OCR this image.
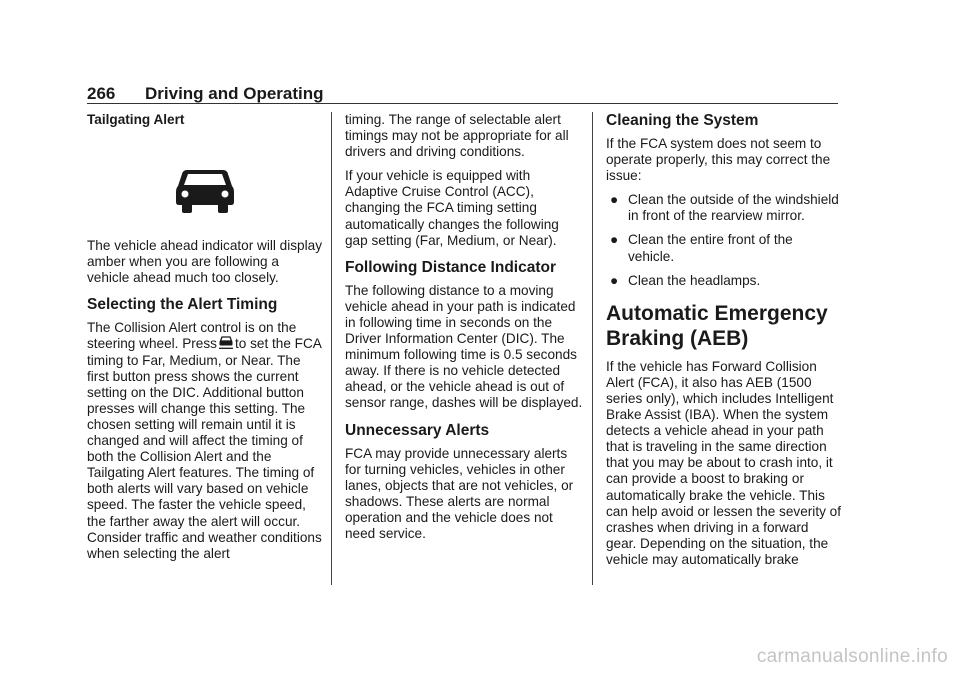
266 Driving and Operating
Tailgating Alert

The vehicle ahead indicator will display amber when you are following a vehicle ahead much too closely.

Selecting the Alert Timing

The Collision Alert control is on the steering wheel. Press to set the FCA timing to Far, Medium, or Near. The first button press shows the current setting on the DIC. Additional button presses will change this setting. The chosen setting will remain until it is changed and will affect the timing of both the Collision Alert and the Tailgating Alert features. The timing of both alerts will vary based on vehicle speed. The faster the vehicle speed, the farther away the alert will occur. Consider traffic and weather conditions when selecting the alert

timing. The range of selectable alert timings may not be appropriate for all drivers and driving conditions.

If your vehicle is equipped with Adaptive Cruise Control (ACC), changing the FCA timing setting automatically changes the following gap setting (Far, Medium, or Near).

Following Distance Indicator

The following distance to a moving vehicle ahead in your path is indicated in following time in seconds on the Driver Information Center (DIC). The minimum following time is 0.5 seconds away. If there is no vehicle detected ahead, or the vehicle ahead is out of sensor range, dashes will be displayed.

Unnecessary Alerts

FCA may provide unnecessary alerts for turning vehicles, vehicles in other lanes, objects that are not vehicles, or shadows. These alerts are normal operation and the vehicle does not need service.

Cleaning the System

If the FCA system does not seem to operate properly, this may correct the issue:

● Clean the outside of the windshield in front of the rearview mirror.
● Clean the entire front of the vehicle.
● Clean the headlamps.
Automatic Emergency Braking (AEB)

If the vehicle has Forward Collision Alert (FCA), it also has AEB (1500 series only), which includes Intelligent Brake Assist (IBA). When the system detects a vehicle ahead in your path that is traveling in the same direction that you may be about to crash into, it can provide a boost to braking or automatically brake the vehicle. This can help avoid or lessen the severity of crashes when driving in a forward gear. Depending on the situation, the vehicle may automatically brake

carmanualsonline.info
